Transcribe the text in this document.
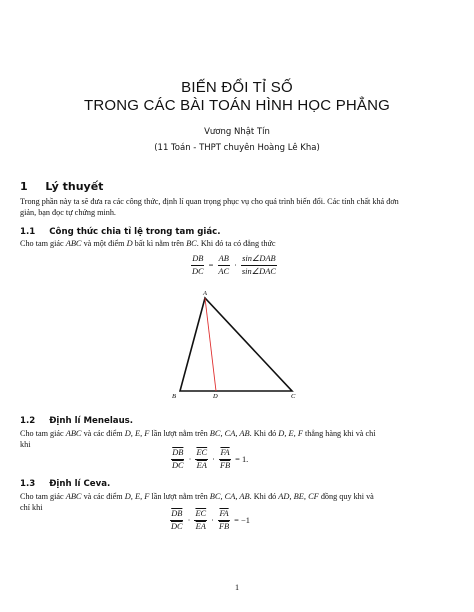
BIẾN ĐỔI TỈ SỐ
TRONG CÁC BÀI TOÁN HÌNH HỌC PHẲNG
Vương Nhật Tín
(11 Toán - THPT chuyên Hoàng Lê Kha)
1 Lý thuyết
Trong phần này ta sẽ đưa ra các công thức, định lí quan trọng phục vụ cho quá trình biến đổi. Các tính chất khá đơn
giản, bạn đọc tự chứng minh.
1.1 Công thức chia tỉ lệ trong tam giác.
Cho tam giác ABC và một điểm D bất kì nằm trên BC. Khi đó ta có đẳng thức
$\frac{DB}{DC} = \frac{AB}{AC} \cdot \frac{\text{sin∠DAB}}{\text{sin∠DAC}}$
A
B	D	C
1.2 Định lí Menelaus.
Cho tam giác ABC và các điểm D, E, F lần lượt nằm trên BC, CA, AB. Khi đó D, E, F thẳng hàng khi và chỉ
khi
$\frac{\overline{DB}}{DC} \cdot \frac{\overline{EC}}{EA} \cdot \frac{\overline{FA}}{FB} = 1$.
1.3 Định lí Ceva.
Cho tam giác ABC và các điểm D, E, F lần lượt nằm trên BC, CA, AB. Khi đó AD, BE, CF đồng quy khi và
chỉ khi
$\frac{\overline{DB}}{DC} \cdot \frac{\overline{EC}}{EA} \cdot \frac{\overline{FA}}{FB} = -1$
1
